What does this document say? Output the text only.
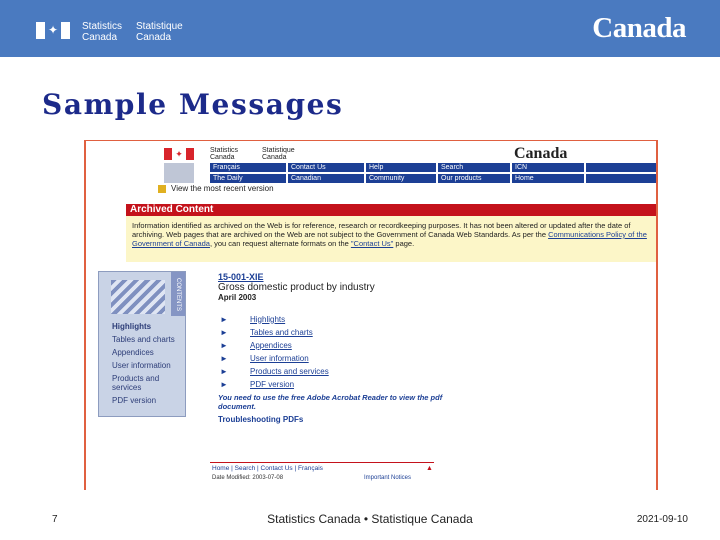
✦ Statistics
Canada
Statistique
Canada	Canada
Sample Messages
✦	Statistics
Canada
Statistique
Canada	Canada
Français	Contact Us	Help	Search	ICN
The Daily	Canadian	Community	Our products	Home
View the most recent version
Archived Content
Information identified as archived on the Web is for reference, research or recordkeeping purposes. It has not been altered or updated after the date of archiving. Web pages that are archived on the Web are not subject to the Government of Canada Web Standards. As per the Communications Policy of the Government of Canada, you can request alternate formats on the "Contact Us" page.
CONTENTS
Highlights
Tables and charts
Appendices
User information
Products and services
PDF version
15-001-XIE
Gross domestic product by industry
April 2003
►	Highlights
►	Tables and charts
►	Appendices
►	User information
►	Products and services
►	PDF version
You need to use the free Adobe Acrobat Reader to view the pdf document.
Troubleshooting PDFs
Home | Search | Contact Us | Français	▲
Date Modified: 2003-07-08	Important Notices
7	Statistics Canada • Statistique Canada	2021-09-10
